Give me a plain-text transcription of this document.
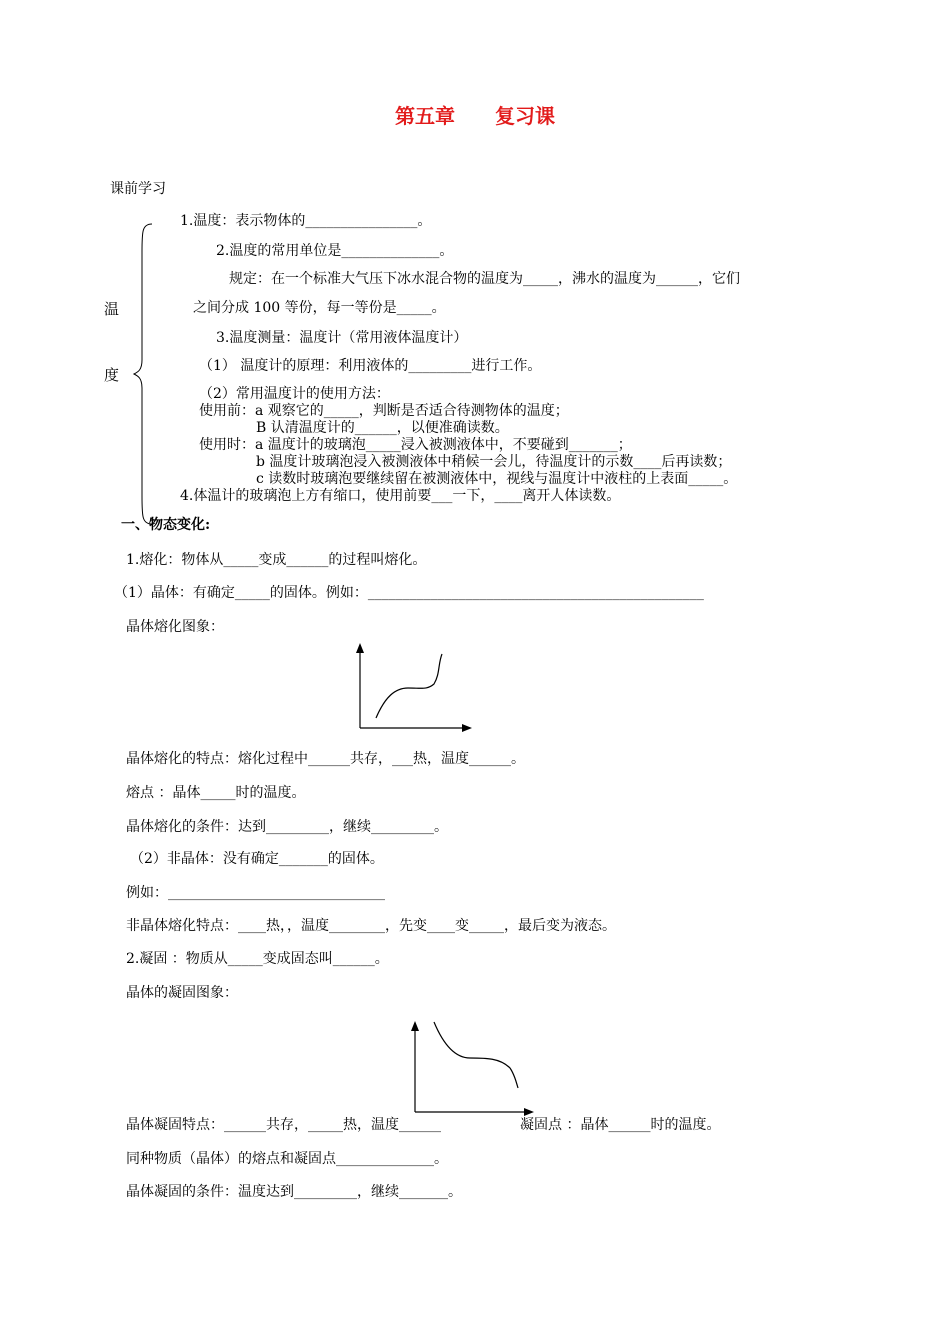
第五章　　复习课
课前学习
温
度
1.温度：表示物体的________________。
2.温度的常用单位是______________。
规定：在一个标准大气压下冰水混合物的温度为_____，沸水的温度为______，它们
之间分成 100 等份，每一等份是_____。
3.温度测量：温度计（常用液体温度计）
（1） 温度计的原理：利用液体的_________进行工作。
（2）常用温度计的使用方法：
使用前：a 观察它的_____，判断是否适合待测物体的温度；
B 认清温度计的______，以便准确读数。
使用时：a 温度计的玻璃泡_____浸入被测液体中，不要碰到_______；
b 温度计玻璃泡浸入被测液体中稍候一会儿，待温度计的示数____后再读数；
c 读数时玻璃泡要继续留在被测液体中，视线与温度计中液柱的上表面_____。
4.体温计的玻璃泡上方有缩口，使用前要___一下，____离开人体读数。
一、物态变化:
1.熔化：物体从_____变成______的过程叫熔化。
（1）晶体：有确定_____的固体。例如：________________________________________________
晶体熔化图象：
晶体熔化的特点：熔化过程中______共存，___热，温度______。
熔点 ：晶体_____时的温度。
晶体熔化的条件：达到_________，继续_________。
（2）非晶体：没有确定_______的固体。
例如：_______________________________
非晶体熔化特点：____热，，温度________，先变____变_____，最后变为液态。
2.凝固 ：物质从_____变成固态叫______。
晶体的凝固图象：
晶体凝固特点：______共存，_____热，温度______	凝固点 ：晶体______时的温度。
同种物质（晶体）的熔点和凝固点______________。
晶体凝固的条件：温度达到_________，继续_______。
